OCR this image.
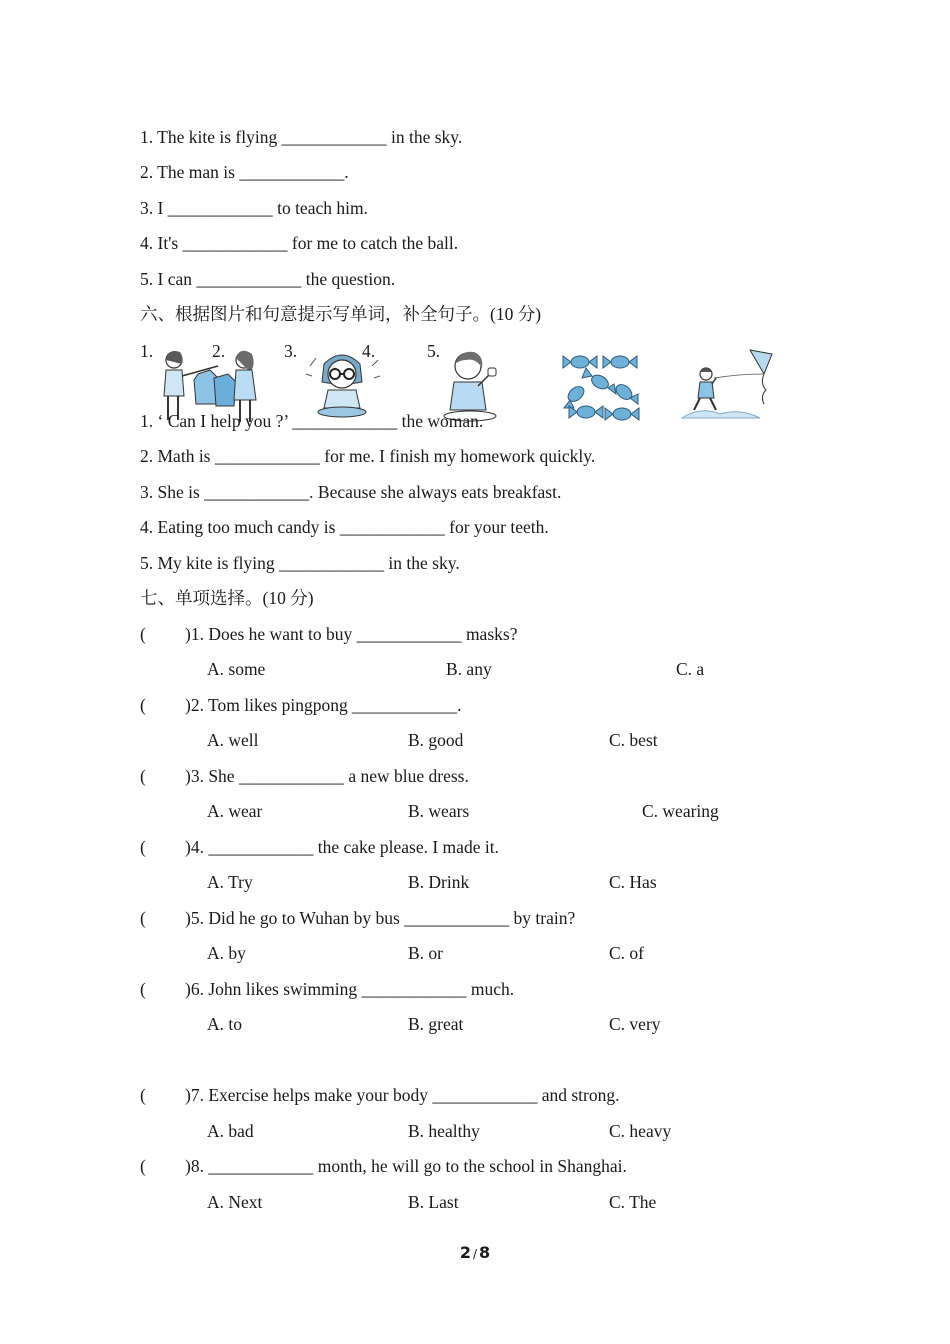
1. The kite is flying ____________ in the sky.
2. The man is ____________.
3. I ____________ to teach him.
4. It's ____________ for me to catch the ball.
5. I can ____________ the question.
六、根据图片和句意提示写单词，补全句子。(10 分)
1.	2.	3.	4.	5.
1. ‘ Can I help you ?’ ____________ the woman.
2. Math is ____________ for me. I finish my homework quickly.
3. She is ____________. Because she always eats breakfast.
4. Eating too much candy is ____________ for your teeth.
5. My kite is flying ____________ in the sky.
七、单项选择。(10 分)
( )1. Does he want to buy ____________ masks?
A. some	B. any	C. a
( )2. Tom likes pingpong ____________.
A. well	B. good	C. best
( )3. She ____________ a new blue dress.
A. wear	B. wears	C. wearing
( )4. ____________ the cake please. I made it.
A. Try	B. Drink	C. Has
( )5. Did he go to Wuhan by bus ____________ by train?
A. by	B. or	C. of
( )6. John likes swimming ____________ much.
A. to	B. great	C. very
( )7. Exercise helps make your body ____________ and strong.
A. bad	B. healthy	C. heavy
( )8. ____________ month, he will go to the school in Shanghai.
A. Next	B. Last	C. The
2 / 8
